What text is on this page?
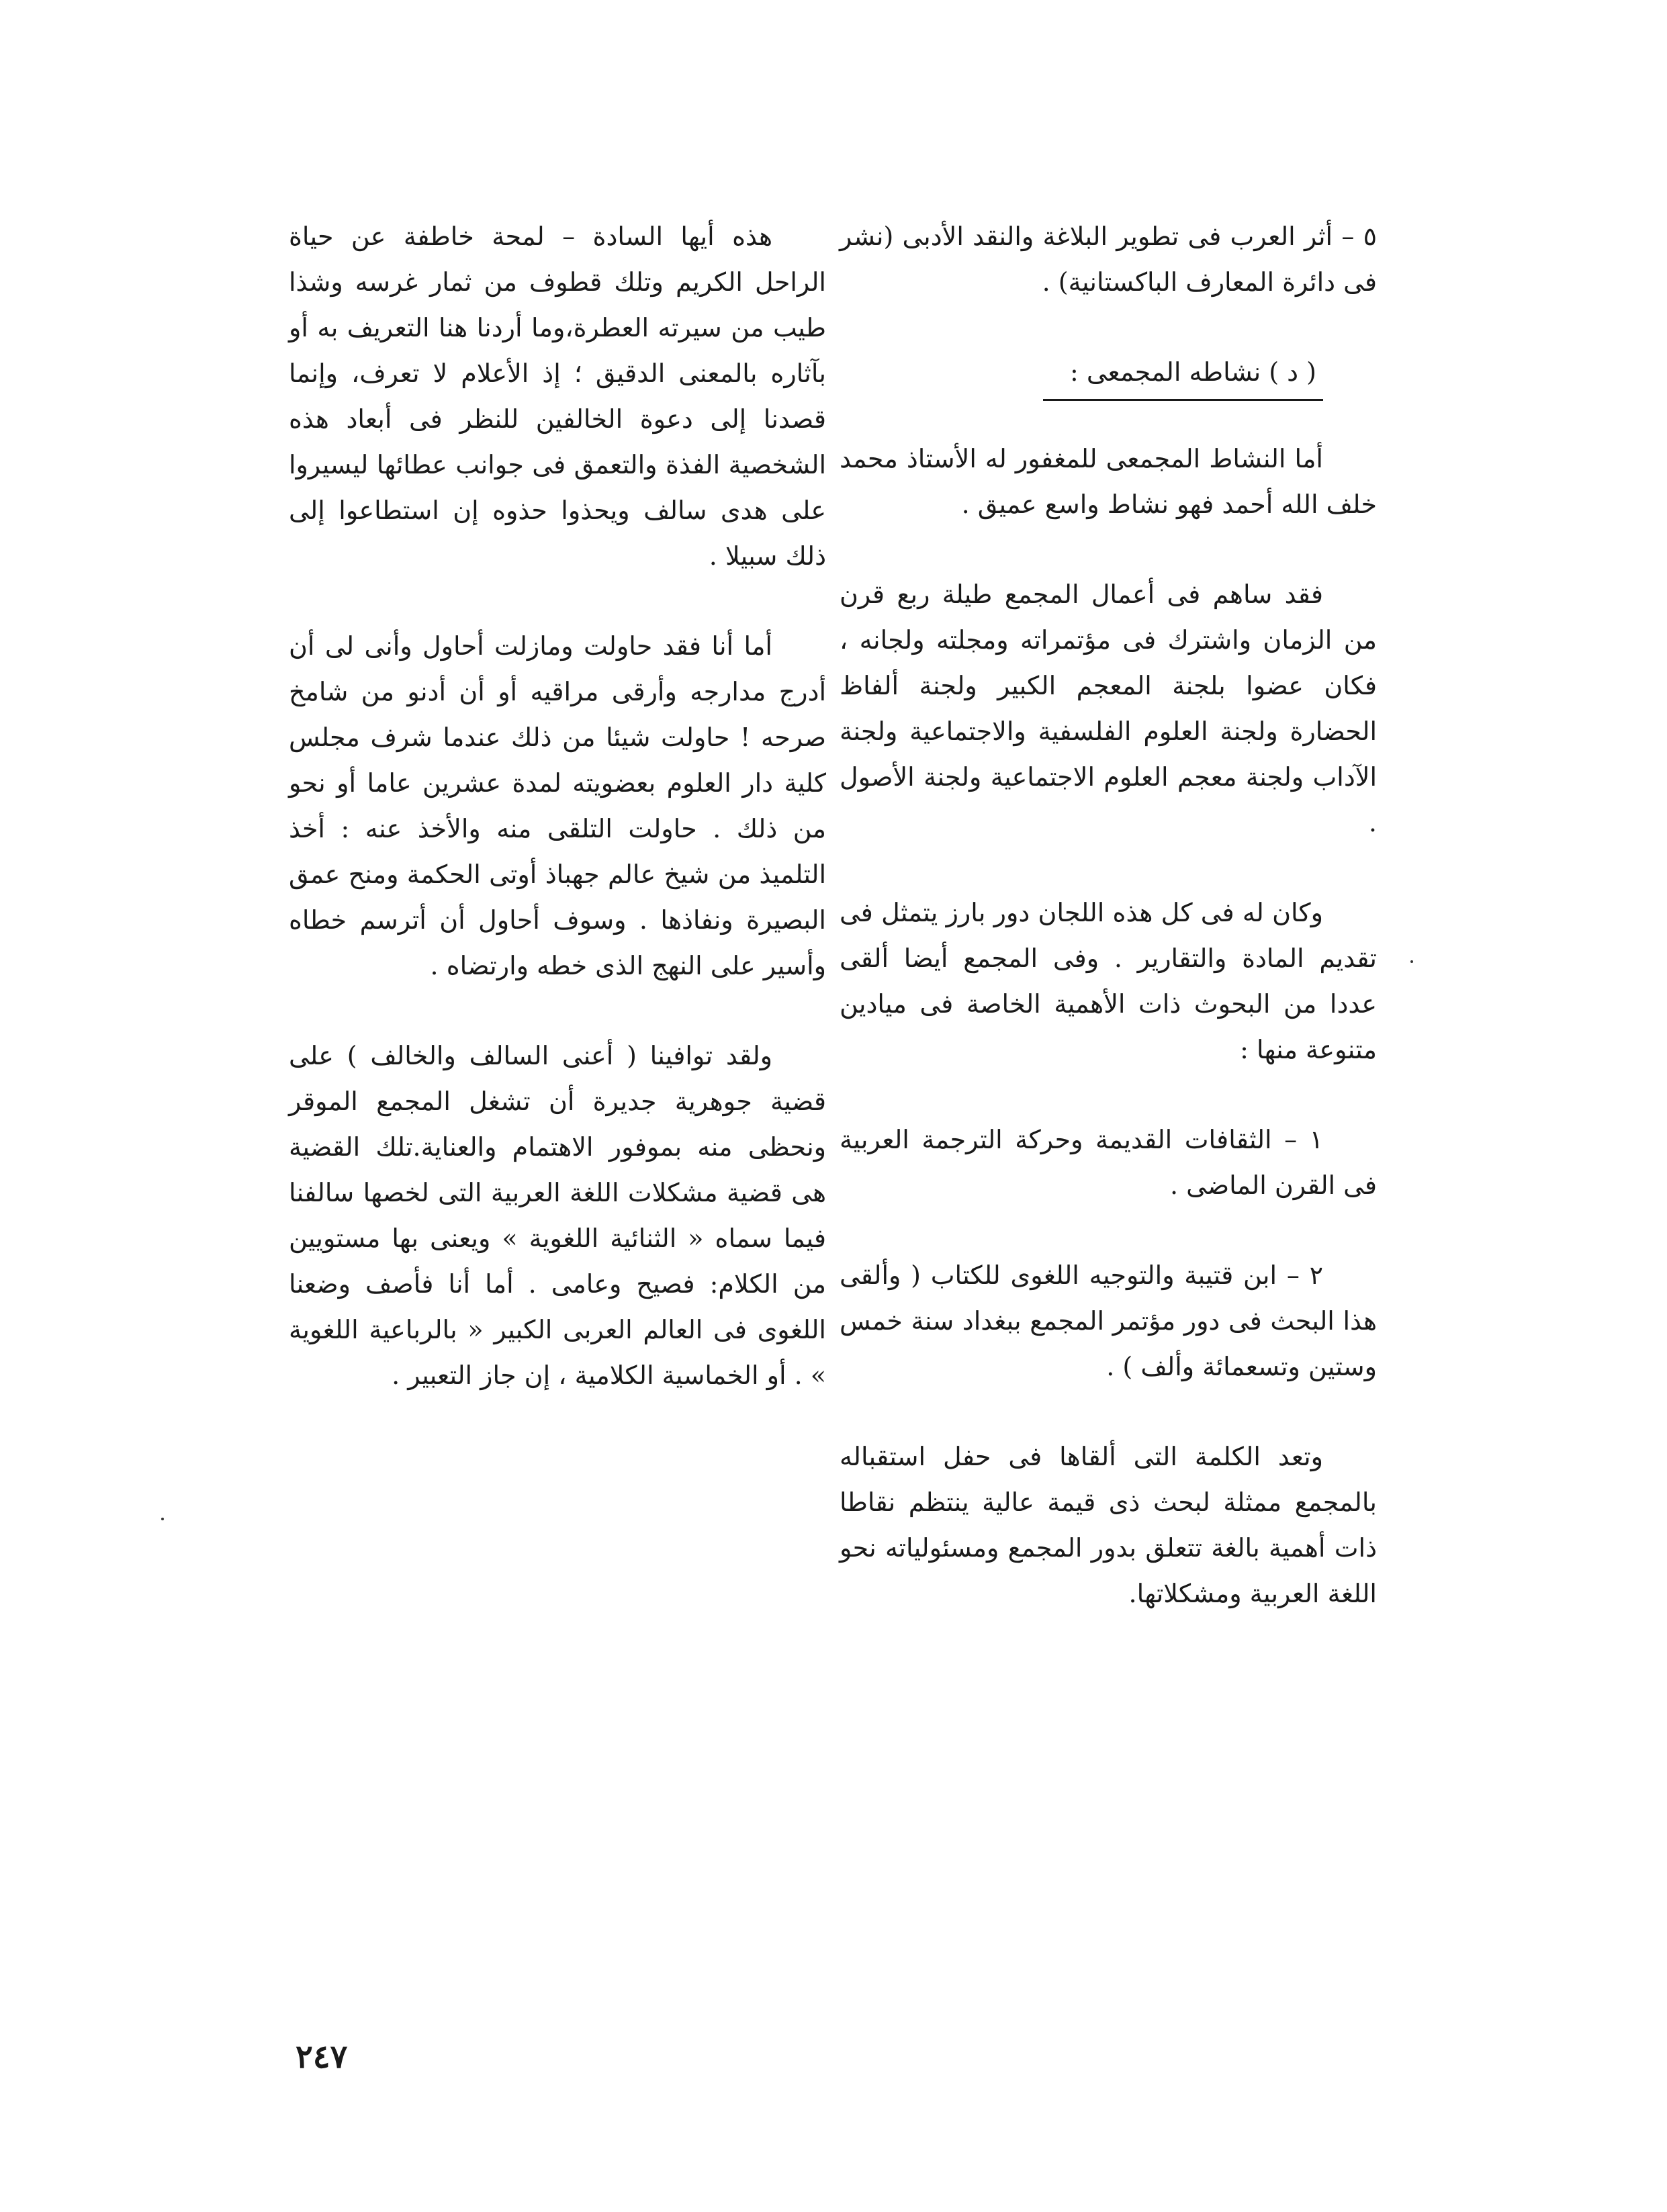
٥ – أثر العرب فى تطوير البلاغة والنقد الأدبى (نشر فى دائرة المعارف الباكستانية) .

( د ) نشاطه المجمعى :

أما النشاط المجمعى للمغفور له الأستاذ محمد خلف الله أحمد فهو نشاط واسع عميق .

فقد ساهم فى أعمال المجمع طيلة ربع قرن من الزمان واشترك فى مؤتمراته ومجلته ولجانه ، فكان عضوا بلجنة المعجم الكبير ولجنة ألفاظ الحضارة ولجنة العلوم الفلسفية والاجتماعية ولجنة الآداب ولجنة معجم العلوم الاجتماعية ولجنة الأصول .

وكان له فى كل هذه اللجان دور بارز يتمثل فى تقديم المادة والتقارير . وفى المجمع أيضا ألقى عددا من البحوث ذات الأهمية الخاصة فى ميادين متنوعة منها :

١ – الثقافات القديمة وحركة الترجمة العربية فى القرن الماضى .

٢ – ابن قتيبة والتوجيه اللغوى للكتاب ( وألقى هذا البحث فى دور مؤتمر المجمع ببغداد سنة خمس وستين وتسعمائة وألف ) .

وتعد الكلمة التى ألقاها فى حفل استقباله بالمجمع ممثلة لبحث ذى قيمة عالية ينتظم نقاطا ذات أهمية بالغة تتعلق بدور المجمع ومسئولياته نحو اللغة العربية ومشكلاتها.

هذه أيها السادة – لمحة خاطفة عن حياة الراحل الكريم وتلك قطوف من ثمار غرسه وشذا طيب من سيرته العطرة،وما أردنا هنا التعريف به أو بآثاره بالمعنى الدقيق ؛ إذ الأعلام لا تعرف، وإنما قصدنا إلى دعوة الخالفين للنظر فى أبعاد هذه الشخصية الفذة والتعمق فى جوانب عطائها ليسيروا على هدى سالف ويحذوا حذوه إن استطاعوا إلى ذلك سبيلا .

أما أنا فقد حاولت ومازلت أحاول وأنى لى أن أدرج مدارجه وأرقى مراقيه أو أن أدنو من شامخ صرحه ! حاولت شيئا من ذلك عندما شرف مجلس كلية دار العلوم بعضويته لمدة عشرين عاما أو نحو من ذلك . حاولت التلقى منه والأخذ عنه : أخذ التلميذ من شيخ عالم جهباذ أوتى الحكمة ومنح عمق البصيرة ونفاذها . وسوف أحاول أن أترسم خطاه وأسير على النهج الذى خطه وارتضاه .

ولقد توافينا ( أعنى السالف والخالف ) على قضية جوهرية جديرة أن تشغل المجمع الموقر ونحظى منه بموفور الاهتمام والعناية.تلك القضية هى قضية مشكلات اللغة العربية التى لخصها سالفنا فيما سماه « الثنائية اللغوية » ويعنى بها مستويين من الكلام: فصيح وعامى . أما أنا فأصف وضعنا اللغوى فى العالم العربى الكبير « بالرباعية اللغوية » . أو الخماسية الكلامية ، إن جاز التعبير .

٢٤٧
